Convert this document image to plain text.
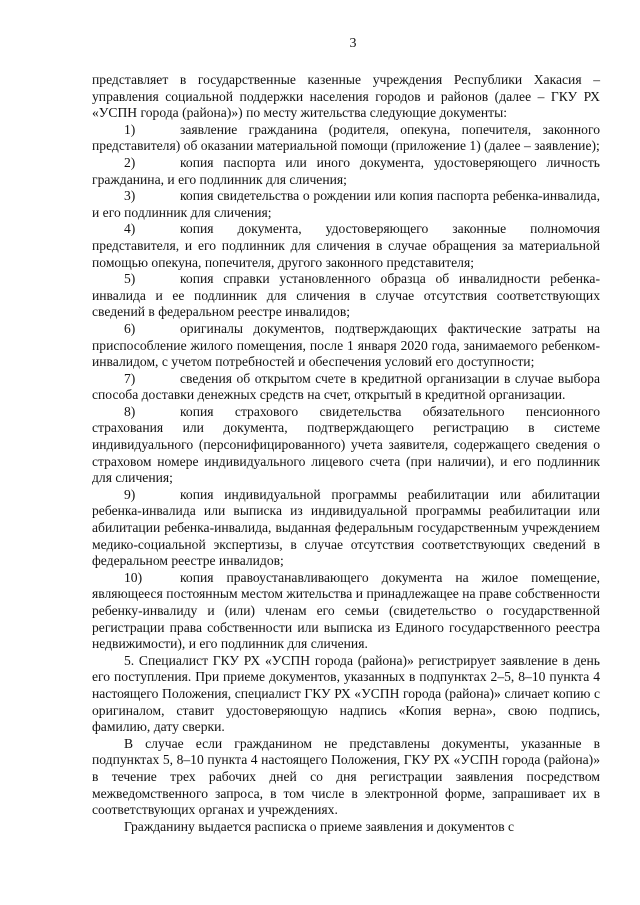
3

представляет в государственные казенные учреждения Республики Хакасия – управления социальной поддержки населения городов и районов (далее – ГКУ РХ «УСПН города (района)») по месту жительства следующие документы:

1)	заявление гражданина (родителя, опекуна, попечителя, законного представителя) об оказании материальной помощи (приложение 1) (далее – заявление);

2)	копия паспорта или иного документа, удостоверяющего личность гражданина, и его подлинник для сличения;

3)	копия свидетельства о рождении или копия паспорта ребенка-инвалида, и его подлинник для сличения;

4)	копия документа, удостоверяющего законные полномочия представителя, и его подлинник для сличения в случае обращения за материальной помощью опекуна, попечителя, другого законного представителя;

5)	копия справки установленного образца об инвалидности ребенка-инвалида и ее подлинник для сличения в случае отсутствия соответствующих сведений в федеральном реестре инвалидов;

6)	оригиналы документов, подтверждающих фактические затраты на приспособление жилого помещения, после 1 января 2020 года, занимаемого ребенком-инвалидом, с учетом потребностей и обеспечения условий его доступности;

7)	сведения об открытом счете в кредитной организации в случае выбора способа доставки денежных средств на счет, открытый в кредитной организации.

8)	копия страхового свидетельства обязательного пенсионного страхования или документа, подтверждающего регистрацию в системе индивидуального (персонифицированного) учета заявителя, содержащего сведения о страховом номере индивидуального лицевого счета (при наличии), и его подлинник для сличения;

9)	копия индивидуальной программы реабилитации или абилитации ребенка-инвалида или выписка из индивидуальной программы реабилитации или абилитации ребенка-инвалида, выданная федеральным государственным учреждением медико-социальной экспертизы, в случае отсутствия соответствующих сведений в федеральном реестре инвалидов;

10)	копия правоустанавливающего документа на жилое помещение, являющееся постоянным местом жительства и принадлежащее на праве собственности ребенку-инвалиду и (или) членам его семьи (свидетельство о государственной регистрации права собственности или выписка из Единого государственного реестра недвижимости), и его подлинник для сличения.

5. Специалист ГКУ РХ «УСПН города (района)» регистрирует заявление в день его поступления. При приеме документов, указанных в подпунктах 2–5, 8–10 пункта 4 настоящего Положения, специалист ГКУ РХ «УСПН города (района)» сличает копию с оригиналом, ставит удостоверяющую надпись «Копия верна», свою подпись, фамилию, дату сверки.

В случае если гражданином не представлены документы, указанные в подпунктах 5, 8–10 пункта 4 настоящего Положения, ГКУ РХ «УСПН города (района)» в течение трех рабочих дней со дня регистрации заявления посредством межведомственного запроса, в том числе в электронной форме, запрашивает их в соответствующих органах и учреждениях.

Гражданину выдается расписка о приеме заявления и документов с
